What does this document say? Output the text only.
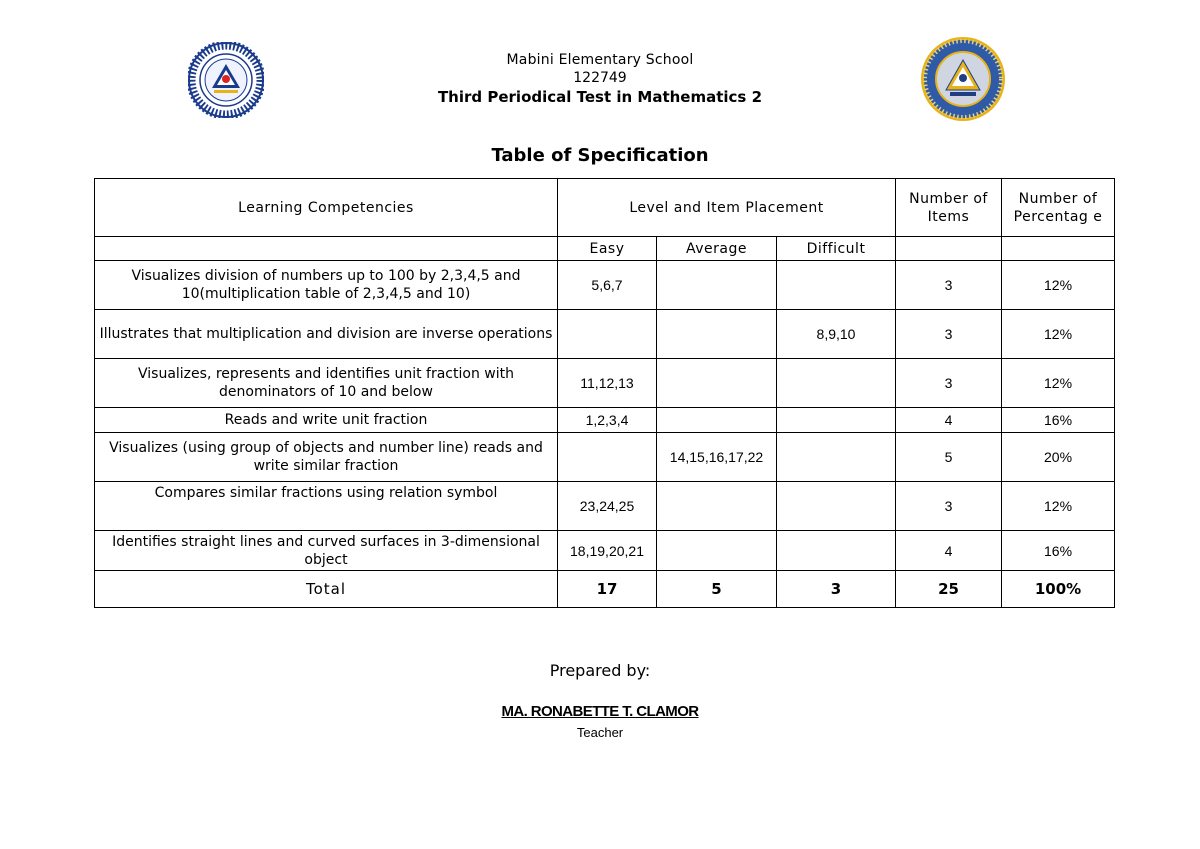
Mabini Elementary School
122749
Third Periodical Test in Mathematics 2
Table of Specification
Learning Competencies	Level and Item Placement			Number of Items	Number of Percentag e
	Easy	Average	Difficult		
Visualizes division of numbers up to 100 by 2,3,4,5 and 10(multiplication table of 2,3,4,5 and 10)	5,6,7			3	12%
Illustrates that multiplication and division are inverse operations			8,9,10	3	12%
Visualizes, represents and identifies unit fraction with denominators of 10 and below	11,12,13			3	12%
Reads and write unit fraction	1,2,3,4			4	16%
Visualizes (using group of objects and number line) reads and write similar fraction		14,15,16,17,22		5	20%
Compares similar fractions using relation symbol	23,24,25			3	12%
Identifies straight lines and curved surfaces in 3-dimensional object	18,19,20,21			4	16%
Total	17	5	3	25	100%
Prepared by:
MA. RONABETTE T. CLAMOR
Teacher
